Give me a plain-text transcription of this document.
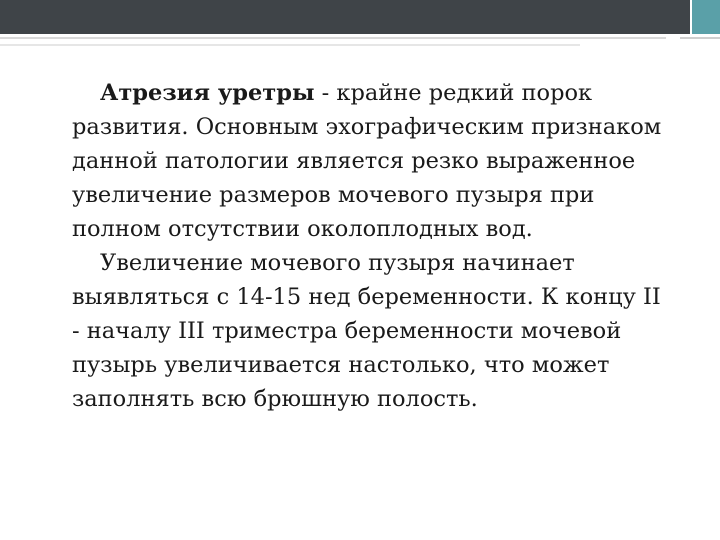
Атрезия уретры - крайне редкий порок развития. Основным эхографическим признаком данной патологии является резко выраженное увеличение размеров мочевого пузыря при полном отсутствии околоплодных вод.

Увеличение мочевого пузыря начинает выявляться с 14-15 нед беременности. К концу II - началу III триместра беременности мочевой пузырь увеличивается настолько, что может заполнять всю брюшную полость.
